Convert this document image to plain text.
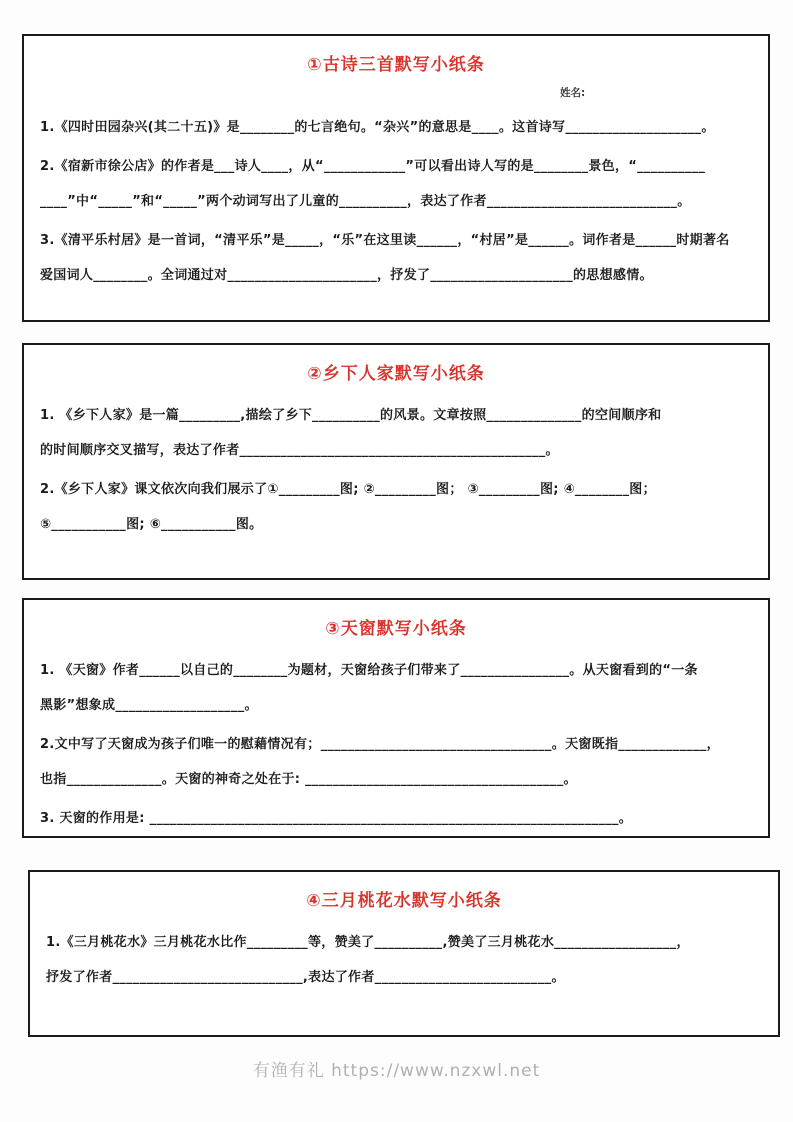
①古诗三首默写小纸条
姓名:
1.《四时田园杂兴(其二十五)》是________的七言绝句。“杂兴”的意思是____。这首诗写____________________。
2.《宿新市徐公店》的作者是___诗人____，从“____________”可以看出诗人写的是________景色，“__________
____”中“_____”和“_____”两个动词写出了儿童的__________，表达了作者____________________________。
3.《清平乐村居》是一首词，“清平乐”是_____，“乐”在这里读______，“村居”是______。词作者是______时期著名
爱国词人________。全词通过对______________________，抒发了_____________________的思想感情。
②乡下人家默写小纸条
1. 《乡下人家》是一篇_________,描绘了乡下__________的风景。文章按照______________的空间顺序和
的时间顺序交叉描写，表达了作者_____________________________________________。
2.《乡下人家》课文依次向我们展示了①_________图; ②_________图； ③_________图; ④________图；
⑤___________图; ⑥___________图。
③天窗默写小纸条
1. 《天窗》作者______以自己的________为题材，天窗给孩子们带来了________________。从天窗看到的“一条
黑影”想象成___________________。
2.文中写了天窗成为孩子们唯一的慰藉情况有；__________________________________。天窗既指_____________，
也指______________。天窗的神奇之处在于: ______________________________________。
3. 天窗的作用是: _____________________________________________________________________。
④三月桃花水默写小纸条
1.《三月桃花水》三月桃花水比作_________等，赞美了__________,赞美了三月桃花水__________________，
抒发了作者____________________________,表达了作者__________________________。
有渔有礼 https://www.nzxwl.net
